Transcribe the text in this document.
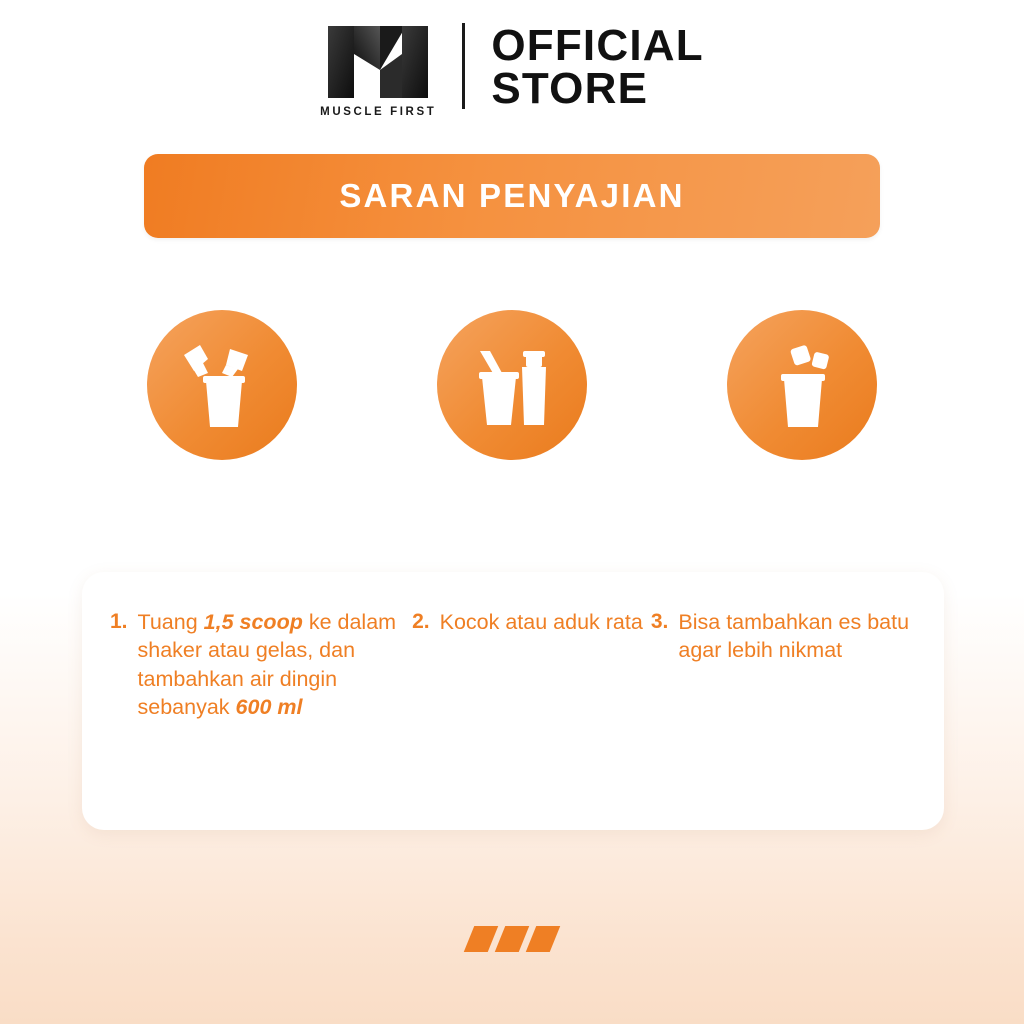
MUSCLE FIRST
OFFICIAL
STORE
SARAN PENYAJIAN
1. Tuang 1,5 scoop ke dalam shaker atau gelas, dan tambahkan air dingin sebanyak 600 ml
2. Kocok atau aduk rata 3. Bisa tambahkan es batu agar lebih nikmat
